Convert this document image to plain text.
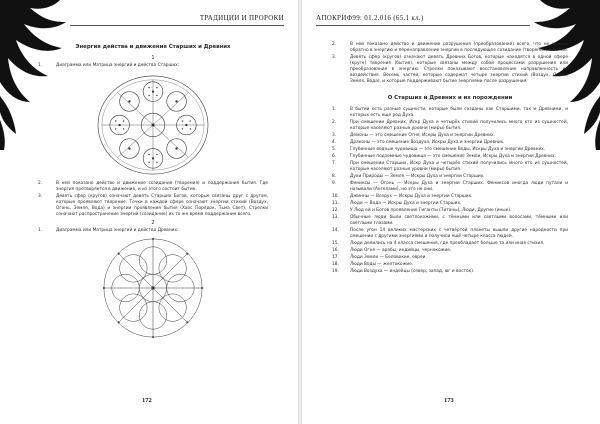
ТРАДИЦИИ И ПРОРОКИ
Энергия действа и движения Старших и Древних
1
1.	Диаграмма или Матрица энергий и действа Старших:
2.	В ней показано действо и движение созидания (творения) и поддержания бытия. Где энергия претворяется в движение, и из этого состоит бытие.
3.	Девять сфер (кругов) означают девять Старших Богов, которые связаны друг с другом, которые проявляют творение. Точки в каждой сфере означают энергии стихий (Воздух, Огонь, Земля, Вода) и энергии проявления бытия (Хаос Порядок, Тьма Свет). Стрелки означают распространение энергий (созидание) их то же время поддержание всего.
2
1.	Диаграмма или Матрица энергий и действа Древних:
172
АПОКРИФ99: 01.2.016 (65.1 кл.)
2.	В ней показано действо и движение разрушения (преобразования) всего, что не нужно, обратно в энергию и перенаправление энергии в последующее созидание (творение) и бытие.
3.	Девять сфер (кругов) означают девять Древних Богов, которые находятся в одной сфере (круге) творения (бытия), которые связаны между собой процессами разрушения или преобразования в энергию. Стрелки показывают восстановление направленность их воздействия. Восемь частей, которые содержат четыре энергии стихий (Воздух, Огонь, Земля, Вода), и которые поддерживают бытие энергиями после разрушения.
О Старших и Древних и их порождении
1.	В бытии есть разные сущности, которые были созданы как Старшими, так и Древними, и которых есть еще род Духа.
2.	При смешении Древних, Искр Духа и четырёх стихий получились много кто из сущностей, которые населяют разные уровни (миры) бытия.
3.	Демоны — это смешение Огня, Искры Духа и энергии Древних.
4.	Драконы — это смешение Воздуха, Искры Духа и энергии Древних.
5.	Глубинные водные чудовища — это смешение Воды, Искры Духа и энергии Древних.
6.	Глубинные подземные чудовища — это смешение Земли, Искры Духа и энергии Древних.
7.	При смешении Старших, Искр Духа и четырёх стихий получились много кто из сущностей, которые населяют разные уровни (миры) бытия.
8.	Духи Природы — Земля — Искры Духа и энергии Старших.
9.	Фениксы — Огонь — Искры Духа и энергии Старших. Фениксов иногда люди путали и называли (Ангелами), но это не они.
10.	Джинны — Воздух — Искры Духа и энергии Старших.
11.	Люди — Вода — Искры Духа и энергии Старших.
12.	У Люд ей и Богов проявление Гиганты (Титаны), Люди, Другие (иные).
13.	Обычные люди были светлокожими, с тёмными или светлыми волосами, тёмными или светлыми глазами.
14.	После угон 14 великих мастерских с четвёртой планеты вышли другие народности при смешении с другими энергиями и получили ещё четыре класса людей.
15.	Люди делились на 4 класса смешения, где преобладает больше та или иная стихия.
16.	Люди Огня — арабы, индийцы, чернокожие.
17.	Люди Земли — Беловокие, евреи.
18.	Люди Воды — желтокожие.
19.	Люди Воздуха — индейцы (север, запад, юг и восток).
173
